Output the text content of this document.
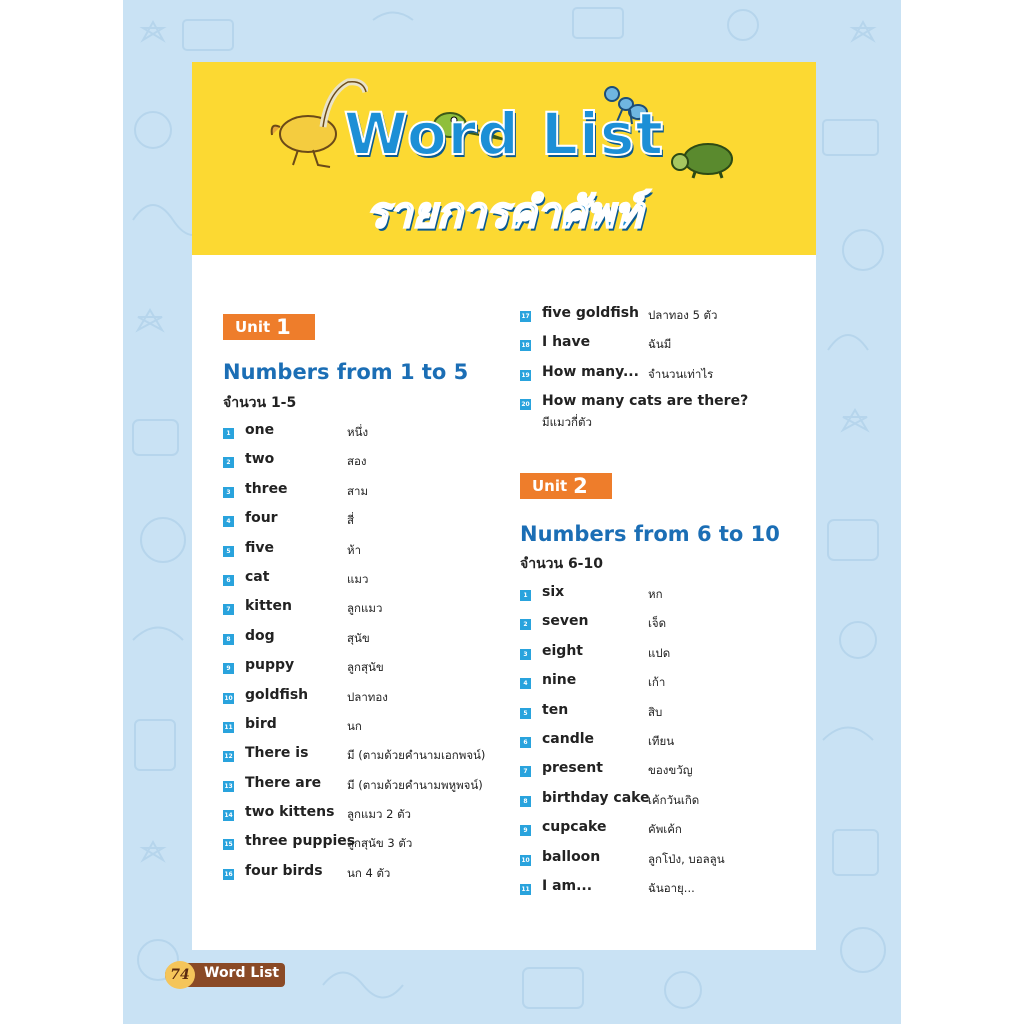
Word List
รายการคำศัพท์
Unit 1
Numbers from 1 to 5
จำนวน 1-5
1 one	หนึ่ง
2 two	สอง
3 three	สาม
4 four	สี่
5 five	ห้า
6 cat	แมว
7 kitten	ลูกแมว
8 dog	สุนัข
9 puppy	ลูกสุนัข
10 goldfish	ปลาทอง
11 bird	นก
12 There is	มี (ตามด้วยคำนามเอกพจน์)
13 There are มี (ตามด้วยคำนามพหูพจน์)
14 two kittens ลูกแมว 2 ตัว
15 three puppies
ลูกสุนัข 3 ตัว
16 four birds นก 4 ตัว
17 five goldfish ปลาทอง 5 ตัว
18 I have	ฉันมี
19 How many... จำนวนเท่าไร
20 How many cats are there?
มีแมวกี่ตัว
Unit 2
Numbers from 6 to 10
จำนวน 6-10
1 six	หก
2 seven	เจ็ด
3 eight	แปด
4 nine	เก้า
5 ten	สิบ
6 candle	เทียน
7 present	ของขวัญ
8 birthday cake
เค้กวันเกิด
9 cupcake	คัพเค้ก
10 balloon	ลูกโป่ง, บอลลูน
11 I am...	ฉันอายุ...
74	Word List
